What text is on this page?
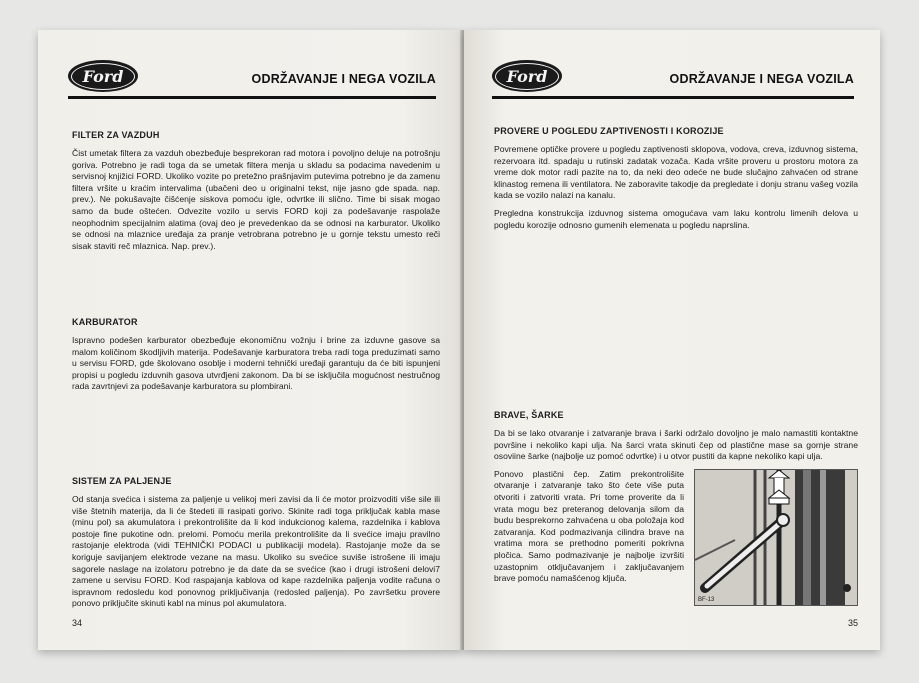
Ford	ODRŽAVANJE I NEGA VOZILA
FILTER ZA VAZDUH

Čist umetak filtera za vazduh obezbeđuje besprekoran rad motora i povoljno deluje na potrošnju goriva. Potrebno je radi toga da se umetak filtera menja u skladu sa podacima navedenim u servisnoj knjižici FORD. Ukoliko vozite po pretežno prašnjavim putevima potrebno je da zamenu filtera vršite u kraćim intervalima (ubačeni deo u originalni tekst, nije jasno gde spada. nap. prev.). Ne pokušavajte čišćenje siskova pomoću igle, odvrtke ili slično. Time bi sisak mogao samo da bude oštećen. Odvezite vozilo u servis FORD koji za podešavanje raspolaže neophodnim specijalnim alatima (ovaj deo je prevedenkao da se odnosi na karburator. Ukoliko se odnosi na mlaznice uređaja za pranje vetrobrana potrebno je u gornje tekstu umesto reči sisak staviti reč mlaznica. Nap. prev.).

KARBURATOR

Ispravno podešen karburator obezbeđuje ekonomičnu vožnju i brine za izduvne gasove sa malom količinom škodljivih materija. Podešavanje karburatora treba radi toga preduzimati samo u servisu FORD, gde školovano osoblje i moderni tehnički uređaji garantuju da će biti ispunjeni propisi u pogledu izduvnih gasova utvrđjeni zakonom. Da bi se isključila mogućnost nestručnog rada zavrtnjevi za podešavanje karburatora su plombirani.

SISTEM ZA PALJENJE

Od stanja svećica i sistema za paljenje u velikoj meri zavisi da li će motor proizvoditi više sile ili više štetnih materija, da li će štedeti ili rasipati gorivo. Skinite radi toga priključak kabla mase (minu pol) sa akumulatora i prekontrolišite da li kod indukcionog kalema, razdelnika i kablova postoje fine pukotine odn. prelomi. Pomoću merila prekontrolišite da li svećice imaju pravilno rastojanje elektroda (vidi TEHNIČKI PODACI u publikaciji modela). Rastojanje može da se koriguje savijanjem elektrode vezane na masu. Ukoliko su svećice suviše istrošene ili imaju sagorele naslage na izolatoru potrebno je da date da se svećice (kao i drugi istrošeni delovi7 zamene u servisu FORD. Kod raspajanja kablova od kape razdelnika paljenja vodite računa o ispravnom redosledu kod ponovnog priključivanja (redosled paljenja). Po završetku provere ponovo priključite skinuti kabl na minus pol akumulatora.

34
Ford	ODRŽAVANJE I NEGA VOZILA
PROVERE U POGLEDU ZAPTIVENOSTI I KOROZIJE

Povremene optičke provere u pogledu zaptivenosti sklopova, vodova, creva, izduvnog sistema, rezervoara itd. spadaju u rutinski zadatak vozača. Kada vršite proveru u prostoru motora za vreme dok motor radi pazite na to, da neki deo odeće ne bude slučajno zahvaćen od strane klinastog remena ili ventilatora. Ne zaboravite takodje da pregledate i donju stranu vašeg vozila kada se vozilo nalazi na kanalu.

Pregledna konstrukcija izduvnog sistema omogućava vam laku kontrolu limenih delova u pogledu korozije odnosno gumenih elemenata u pogledu naprslina.

BRAVE, ŠARKE

Da bi se lako otvaranje i zatvaranje brava i šarki održalo dovoljno je malo namastiti kontaktne površine i nekoliko kapi ulja. Na šarci vrata skinuti čep od plastične mase sa gornje strane osoviine šarke (najbolje uz pomoć odvrtke) i u otvor pustiti da kapne nekoliko kapi ulja.

Ponovo plastični čep. Zatim prekontrolišite otvaranje i zatvaranje tako što ćete više puta otvoriti i zatvoriti vrata. Pri tome proverite da li vrata mogu bez preteranog delovanja silom da budu besprekorno zahvaćena u oba položaja kod zatvaranja. Kod podmazivanja cilindra brave na vratima mora se prethodno pomeriti pokrivna pločica. Samo podmazivanje je najbolje izvršiti uzastopnim otključavanjem i zaključavanjem brave pomoću namašćenog ključa.

BF-13
35
